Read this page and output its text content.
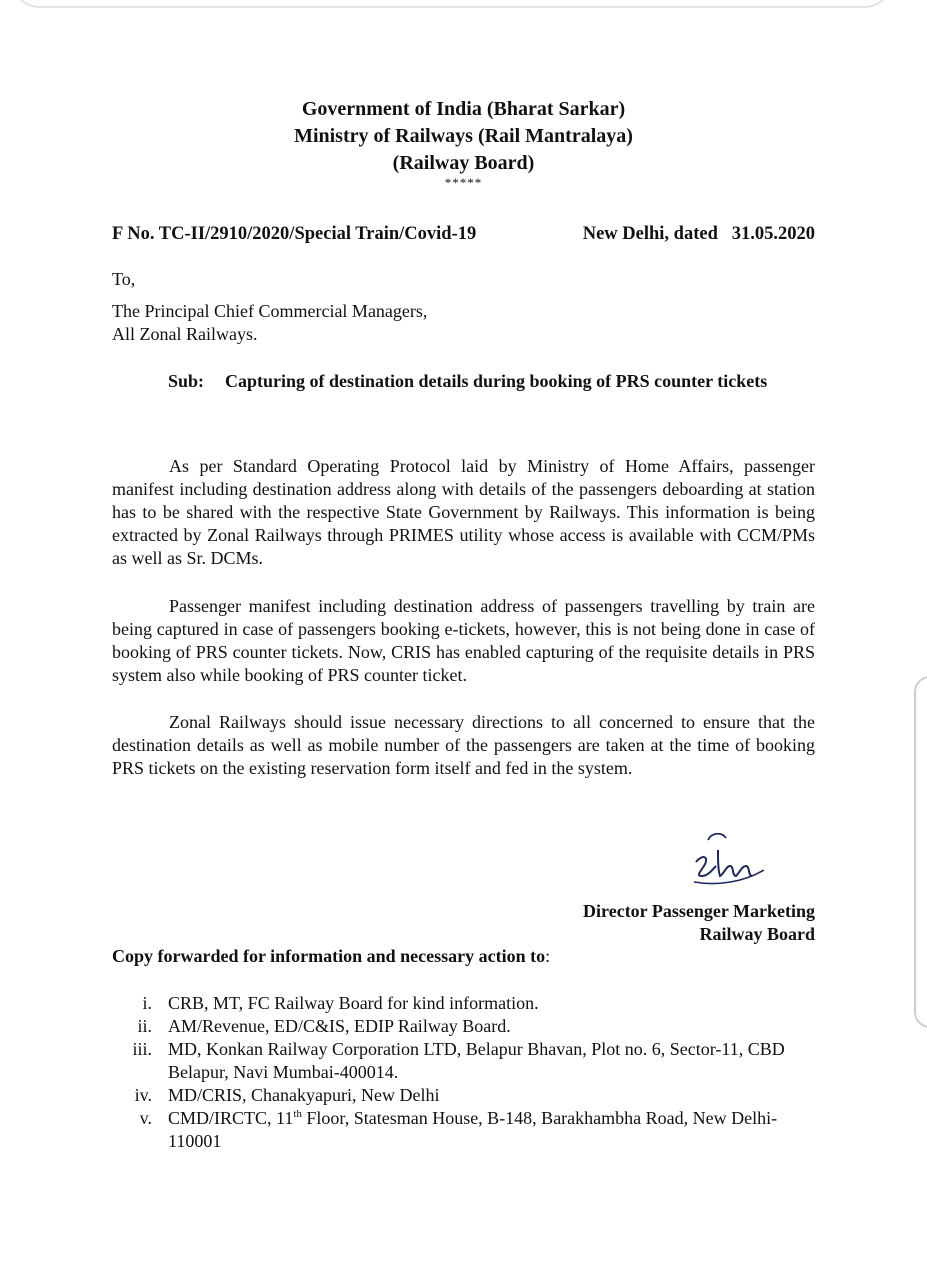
Government of India (Bharat Sarkar)
Ministry of Railways (Rail Mantralaya)
(Railway Board)
*****
F No. TC-II/2910/2020/Special Train/Covid-19	New Delhi, dated   31.05.2020
To,
The Principal Chief Commercial Managers,
All Zonal Railways.
Sub: Capturing of destination details during booking of PRS counter tickets
As per Standard Operating Protocol laid by Ministry of Home Affairs, passenger manifest including destination address along with details of the passengers deboarding at station has to be shared with the respective State Government by Railways. This information is being extracted by Zonal Railways through PRIMES utility whose access is available with CCM/PMs as well as Sr. DCMs.
Passenger manifest including destination address of passengers travelling by train are being captured in case of passengers booking e-tickets, however, this is not being done in case of booking of PRS counter tickets. Now, CRIS has enabled capturing of the requisite details in PRS system also while booking of PRS counter ticket.
Zonal Railways should issue necessary directions to all concerned to ensure that the destination details as well as mobile number of the passengers are taken at the time of booking PRS tickets on the existing reservation form itself and fed in the system.
Director Passenger Marketing
Railway Board
Copy forwarded for information and necessary action to:
i. CRB, MT, FC Railway Board for kind information.
ii. AM/Revenue, ED/C&IS, EDIP Railway Board.
iii. MD, Konkan Railway Corporation LTD, Belapur Bhavan, Plot no. 6, Sector-11, CBD Belapur, Navi Mumbai-400014.
iv. MD/CRIS, Chanakyapuri, New Delhi
v. CMD/IRCTC, 11th Floor, Statesman House, B-148, Barakhambha Road, New Delhi-110001
